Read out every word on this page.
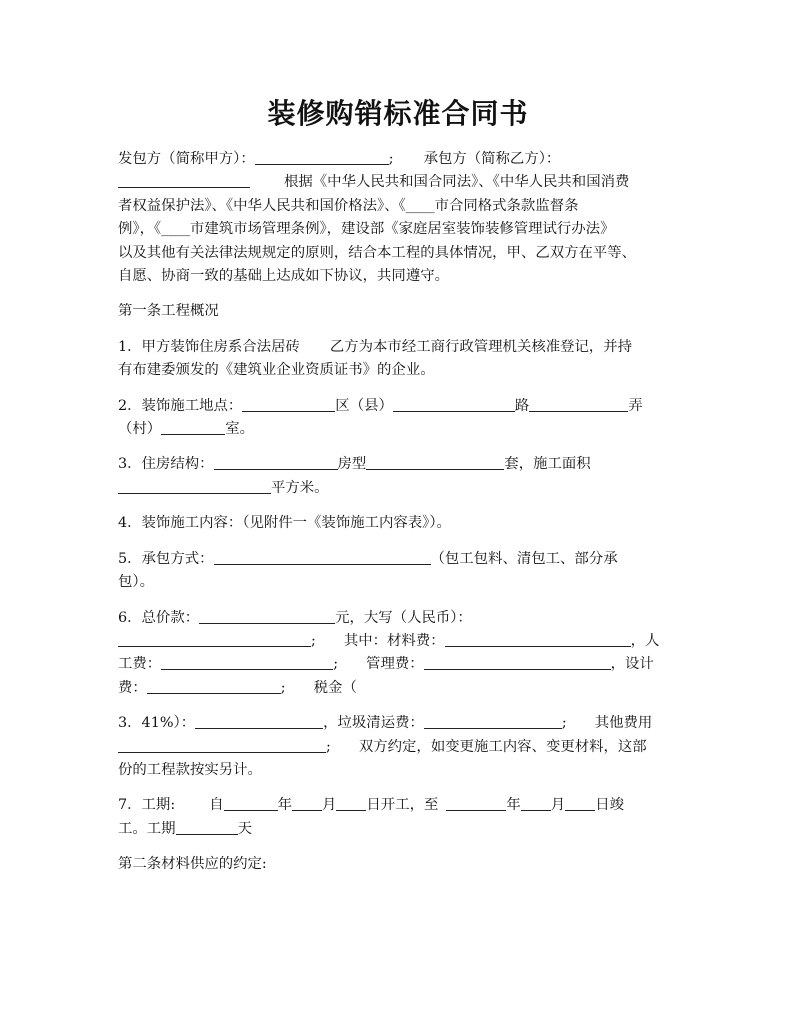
装修购销标准合同书
发包方（简称甲方）：	; 承包方（简称乙方）：
根据《中华人民共和国合同法》、《中华人民共和国消费
者权益保护法》、《中华人民共和国价格法》、《____市合同格式条款监督条
例》，《____市建筑市场管理条例》，建设部《家庭居室装饰装修管理试行办法》
以及其他有关法律法规规定的原则，结合本工程的具体情况，甲、乙双方在平等、
自愿、协商一致的基础上达成如下协议，共同遵守。
第一条工程概况
1．甲方装饰住房系合法居砖 乙方为本市经工商行政管理机关核准登记，并持
有布建委颁发的《建筑业企业资质证书》的企业。
2．装饰施工地点：	区（县）	路	弄
（村）	室。
3．住房结构：	房型	套，施工面积
平方米。
4．装饰施工内容：（见附件一《装饰施工内容表》）。
5．承包方式：	（包工包料、清包工、部分承
包）。
6．总价款：	元，大写（人民币）：
; 其中：材料费：	，人
工费：	; 管理费：	，设计
费：	; 税金（
3．41%）：	，垃圾清运费：	; 其他费用
; 双方约定，如变更施工内容、变更材料，这部
份的工程款按实另计。
7．工期: 自	年 月 日开工，至	年 月 日竣
工。工期	天
第二条材料供应的约定:
